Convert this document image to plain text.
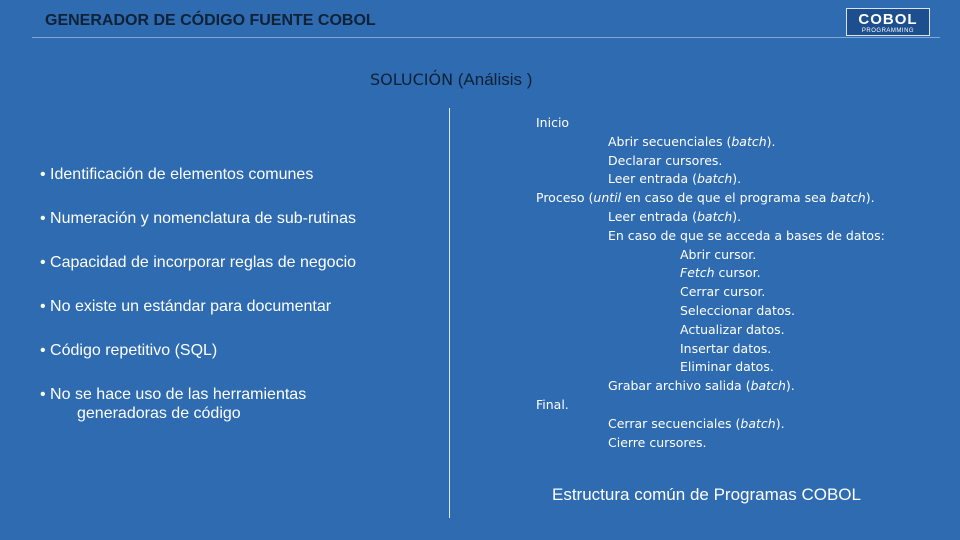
GENERADOR DE CÓDIGO FUENTE COBOL	COBOL
PROGRAMMING
SOLUCIÓN (Análisis )
• Identificación de elementos comunes
• Numeración y nomenclatura de sub-rutinas
• Capacidad de incorporar reglas de negocio
• No existe un estándar para documentar
• Código repetitivo (SQL)
• No se hace uso de las herramientas
generadoras de código
Inicio
Abrir secuenciales (batch).
Declarar cursores.
Leer entrada (batch).
Proceso (until en caso de que el programa sea batch).
Leer entrada (batch).
En caso de que se acceda a bases de datos:
Abrir cursor.
Fetch cursor.
Cerrar cursor.
Seleccionar datos.
Actualizar datos.
Insertar datos.
Eliminar datos.
Grabar archivo salida (batch).
Final.
Cerrar secuenciales (batch).
Cierre cursores.
Estructura común de Programas COBOL
